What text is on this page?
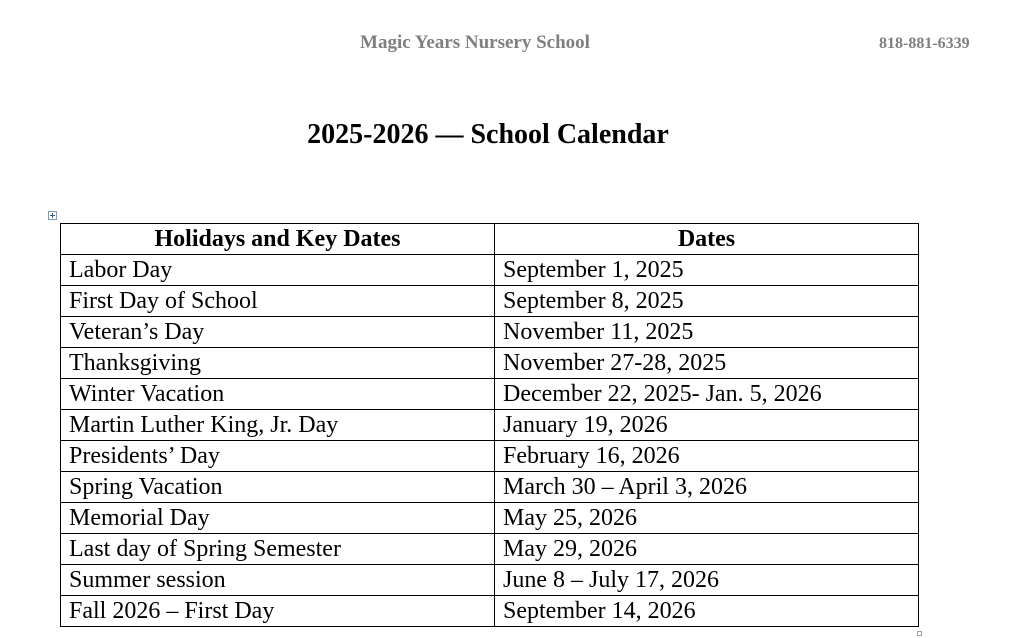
Magic Years Nursery School	818-881-6339
2025-2026 — School Calendar
Holidays and Key Dates	Dates
Labor Day	September 1, 2025
First Day of School	September 8, 2025
Veteran’s Day	November 11, 2025
Thanksgiving	November 27-28, 2025
Winter Vacation	December 22, 2025- Jan. 5, 2026
Martin Luther King, Jr. Day	January 19, 2026
Presidents’ Day	February 16, 2026
Spring Vacation	March 30 – April 3, 2026
Memorial Day	May 25, 2026
Last day of Spring Semester	May 29, 2026
Summer session	June 8 – July 17, 2026
Fall 2026 – First Day	September 14, 2026
